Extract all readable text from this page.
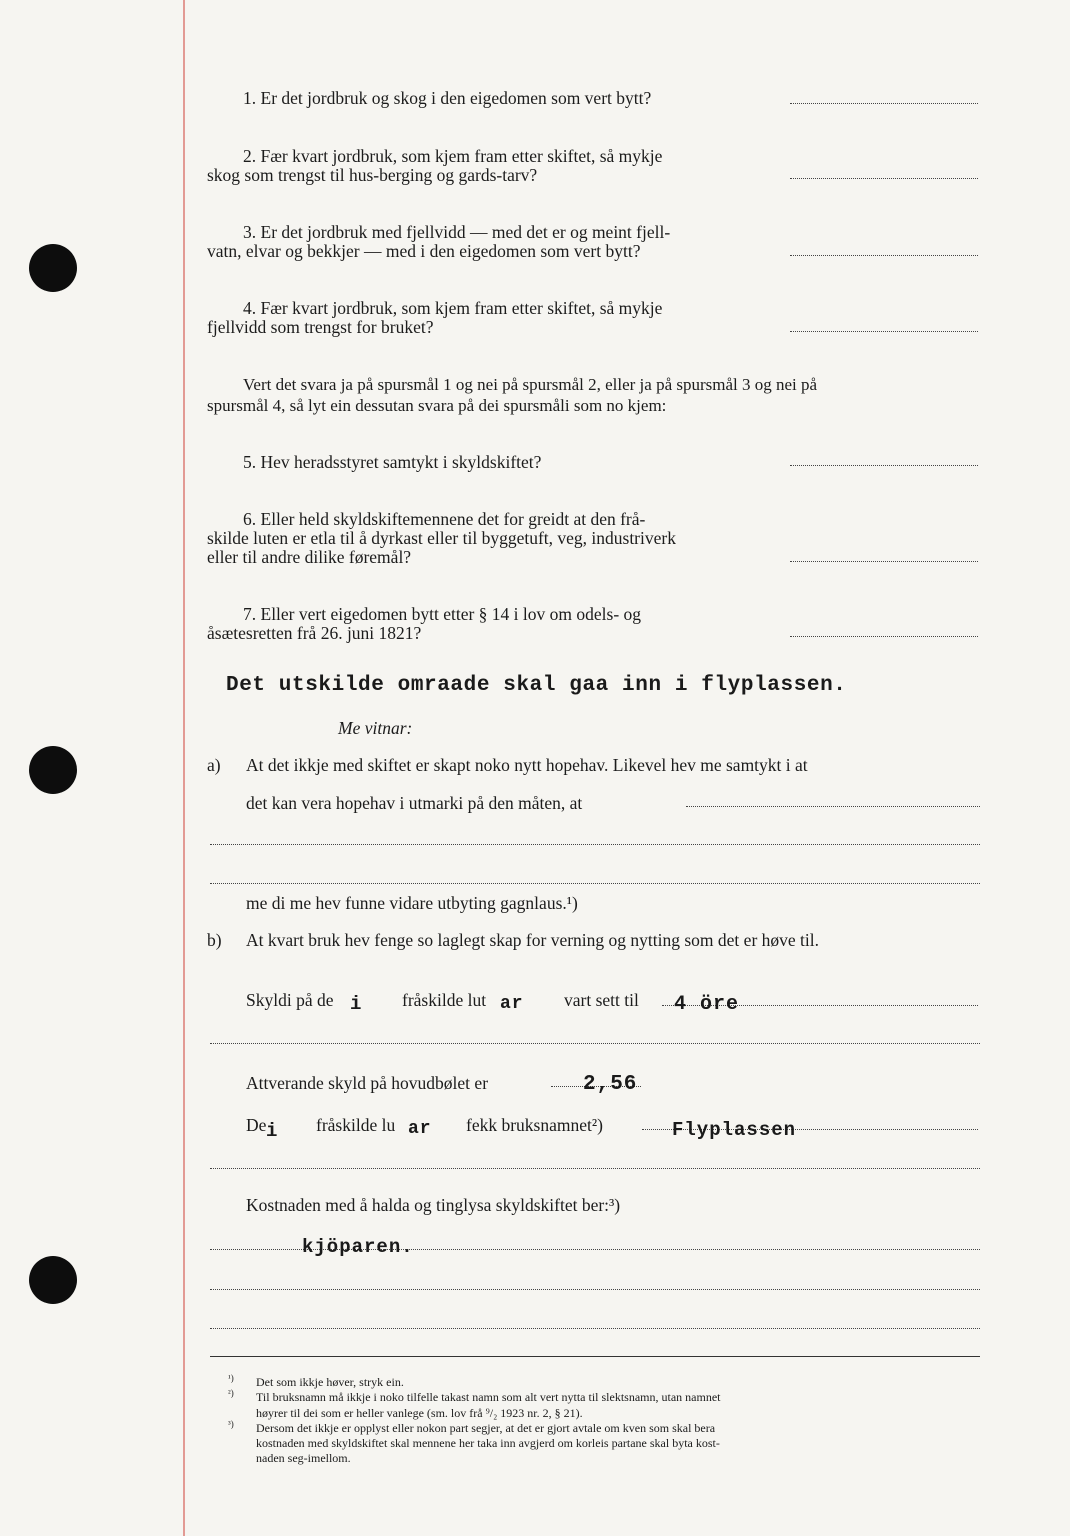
1. Er det jordbruk og skog i den eigedomen som vert bytt?
2. Fær kvart jordbruk, som kjem fram etter skiftet, så mykje
skog som trengst til hus-berging og gards-tarv?
3. Er det jordbruk med fjellvidd — med det er og meint fjell-
vatn, elvar og bekkjer — med i den eigedomen som vert bytt?
4. Fær kvart jordbruk, som kjem fram etter skiftet, så mykje
fjellvidd som trengst for bruket?
Vert det svara ja på spursmål 1 og nei på spursmål 2, eller ja på spursmål 3 og nei på
spursmål 4, så lyt ein dessutan svara på dei spursmåli som no kjem:
5. Hev heradsstyret samtykt i skyldskiftet?
6. Eller held skyldskiftemennene det for greidt at den frå-
skilde luten er etla til å dyrkast eller til byggetuft, veg, industriverk
eller til andre dilike føremål?
7. Eller vert eigedomen bytt etter § 14 i lov om odels- og
åsætesretten frå 26. juni 1821?
Det utskilde omraade skal gaa inn i flyplassen.
Me vitnar:
a) At det ikkje med skiftet er skapt noko nytt hopehav. Likevel hev me samtykt i at
det kan vera hopehav i utmarki på den måten, at
me di me hev funne vidare utbyting gagnlaus.¹)
b) At kvart bruk hev fenge so laglegt skap for verning og nytting som det er høve til.
Skyldi på de i fråskilde lut ar vart sett til 4 öre
Attverande skyld på hovudbølet er	2,56
De i fråskilde lu ar fekk bruksnamnet²)	Flyplassen
Kostnaden med å halda og tinglysa skyldskiftet ber:³)
kjöparen.
¹) Det som ikkje høver, stryk ein.
²) Til bruksnamn må ikkje i noko tilfelle takast namn som alt vert nytta til slektsnamn, utan namnet
høyrer til dei som er heller vanlege (sm. lov frå ⁹/₂ 1923 nr. 2, § 21).
³) Dersom det ikkje er opplyst eller nokon part segjer, at det er gjort avtale om kven som skal bera
kostnaden med skyldskiftet skal mennene her taka inn avgjerd om korleis partane skal byta kost-
naden seg-imellom.
